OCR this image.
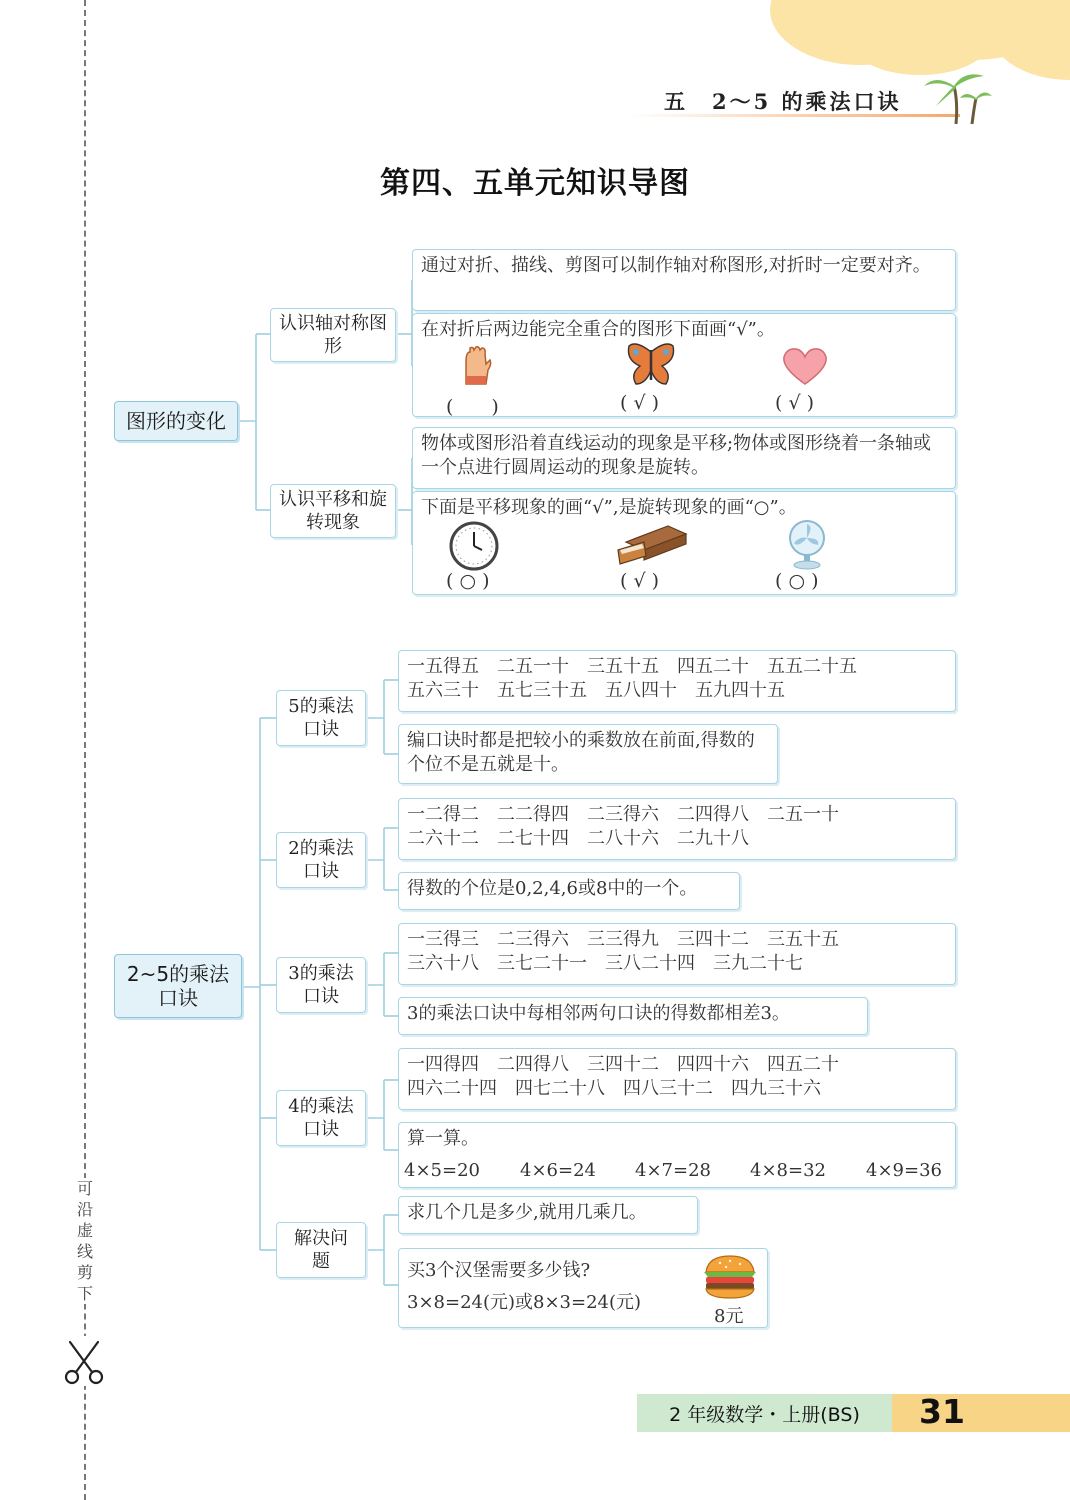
可沿虚线剪下
五　2～5 的乘法口诀
第四、五单元知识导图
图形的变化
认识轴对称图形
认识平移和旋转现象

通过对折、描线、剪图可以制作轴对称图形,对折时一定要对齐。

在对折后两边能完全重合的图形下面画“√”。

(　　)	( √ )	( √ )

物体或图形沿着直线运动的现象是平移;物体或图形绕着一条轴或一个点进行圆周运动的现象是旋转。

下面是平移现象的画“√”,是旋转现象的画“○”。

( ○ )	( √ )	( ○ )
2~5的乘法口诀
5的乘法口诀
2的乘法口诀
3的乘法口诀
4的乘法口诀
解决问题

一五得五　二五一十　三五十五　四五二十　五五二十五

五六三十　五七三十五　五八四十　五九四十五

编口诀时都是把较小的乘数放在前面,得数的个位不是五就是十。

一二得二　二二得四　二三得六　二四得八　二五一十

二六十二　二七十四　二八十六　二九十八

得数的个位是0,2,4,6或8中的一个。

一三得三　二三得六　三三得九　三四十二　三五十五

三六十八　三七二十一　三八二十四　三九二十七

3的乘法口诀中每相邻两句口诀的得数都相差3。

一四得四　二四得八　三四十二　四四十六　四五二十

四六二十四　四七二十八　四八三十二　四九三十六

算一算。

4×5=20 4×6=24 4×7=28 4×8=32 4×9=36

求几个几是多少,就用几乘几。

买3个汉堡需要多少钱?

3×8=24(元)或8×3=24(元)

8元
2 年级数学・上册(BS)	31
